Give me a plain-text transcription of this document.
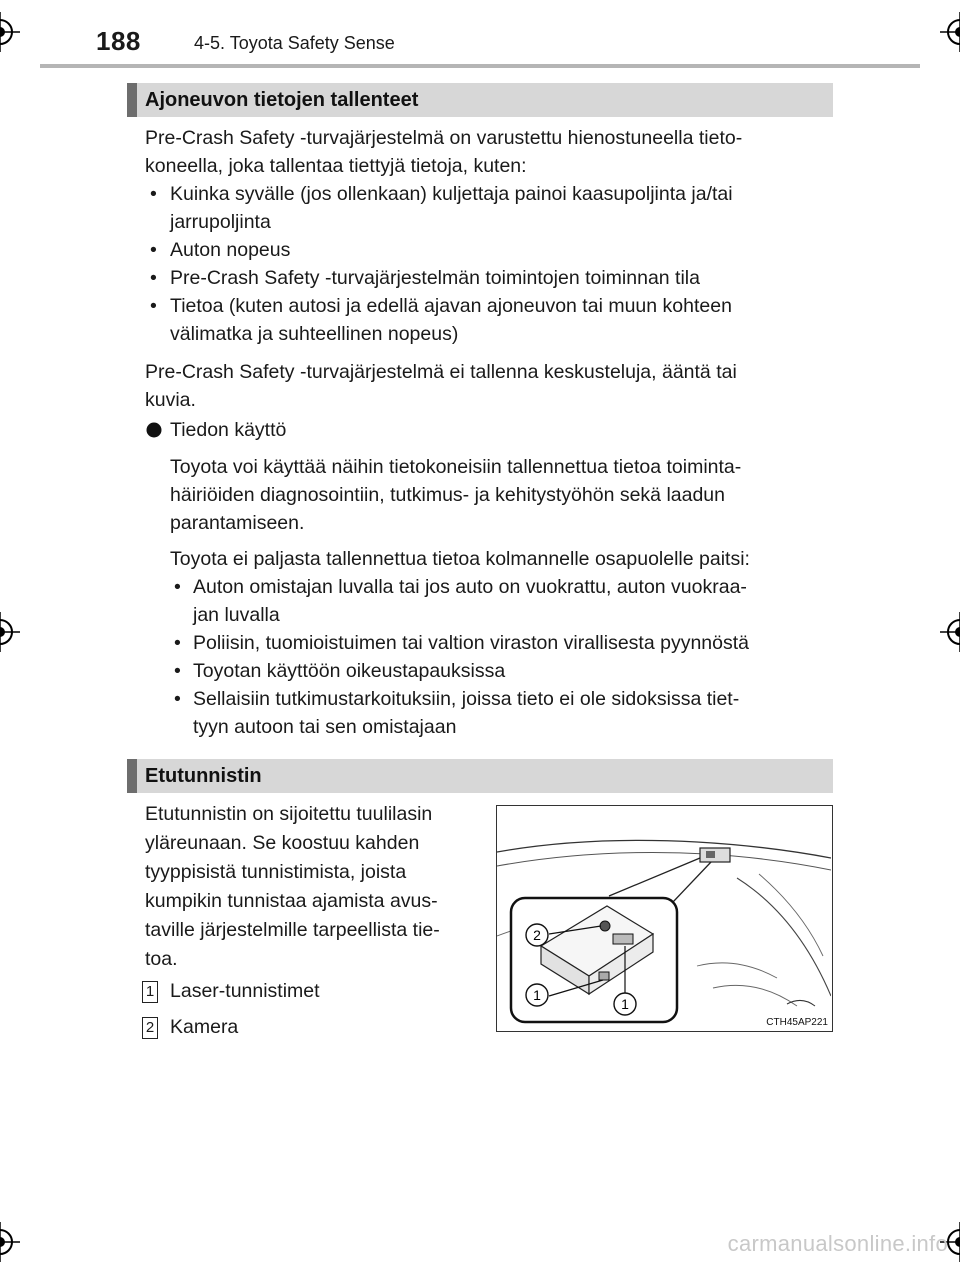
188	4-5. Toyota Safety Sense
Ajoneuvon tietojen tallenteet
Pre-Crash Safety -turvajärjestelmä on varustettu hienostuneella tieto-
koneella, joka tallentaa tiettyjä tietoja, kuten:
• Kuinka syvälle (jos ollenkaan) kuljettaja painoi kaasupoljinta ja/tai
jarrupoljinta
• Auton nopeus
• Pre-Crash Safety -turvajärjestelmän toimintojen toiminnan tila
• Tietoa (kuten autosi ja edellä ajavan ajoneuvon tai muun kohteen
välimatka ja suhteellinen nopeus)
Pre-Crash Safety -turvajärjestelmä ei tallenna keskusteluja, ääntä tai
kuvia.
Tiedon käyttö
Toyota voi käyttää näihin tietokoneisiin tallennettua tietoa toiminta-
häiriöiden diagnosointiin, tutkimus- ja kehitystyöhön sekä laadun
parantamiseen.
Toyota ei paljasta tallennettua tietoa kolmannelle osapuolelle paitsi:
• Auton omistajan luvalla tai jos auto on vuokrattu, auton vuokraa-
jan luvalla
• Poliisin, tuomioistuimen tai valtion viraston virallisesta pyynnöstä
• Toyotan käyttöön oikeustapauksissa
• Sellaisiin tutkimustarkoituksiin, joissa tieto ei ole sidoksissa tiet-
tyyn autoon tai sen omistajaan
Etutunnistin
Etutunnistin on sijoitettu tuulilasin
yläreunaan. Se koostuu kahden
tyyppisistä tunnistimista, joista
kumpikin tunnistaa ajamista avus-
taville järjestelmille tarpeellista tie-
toa.
1 Laser-tunnistimet
2 Kamera
2
1
1
CTH45AP221
carmanualsonline.info
